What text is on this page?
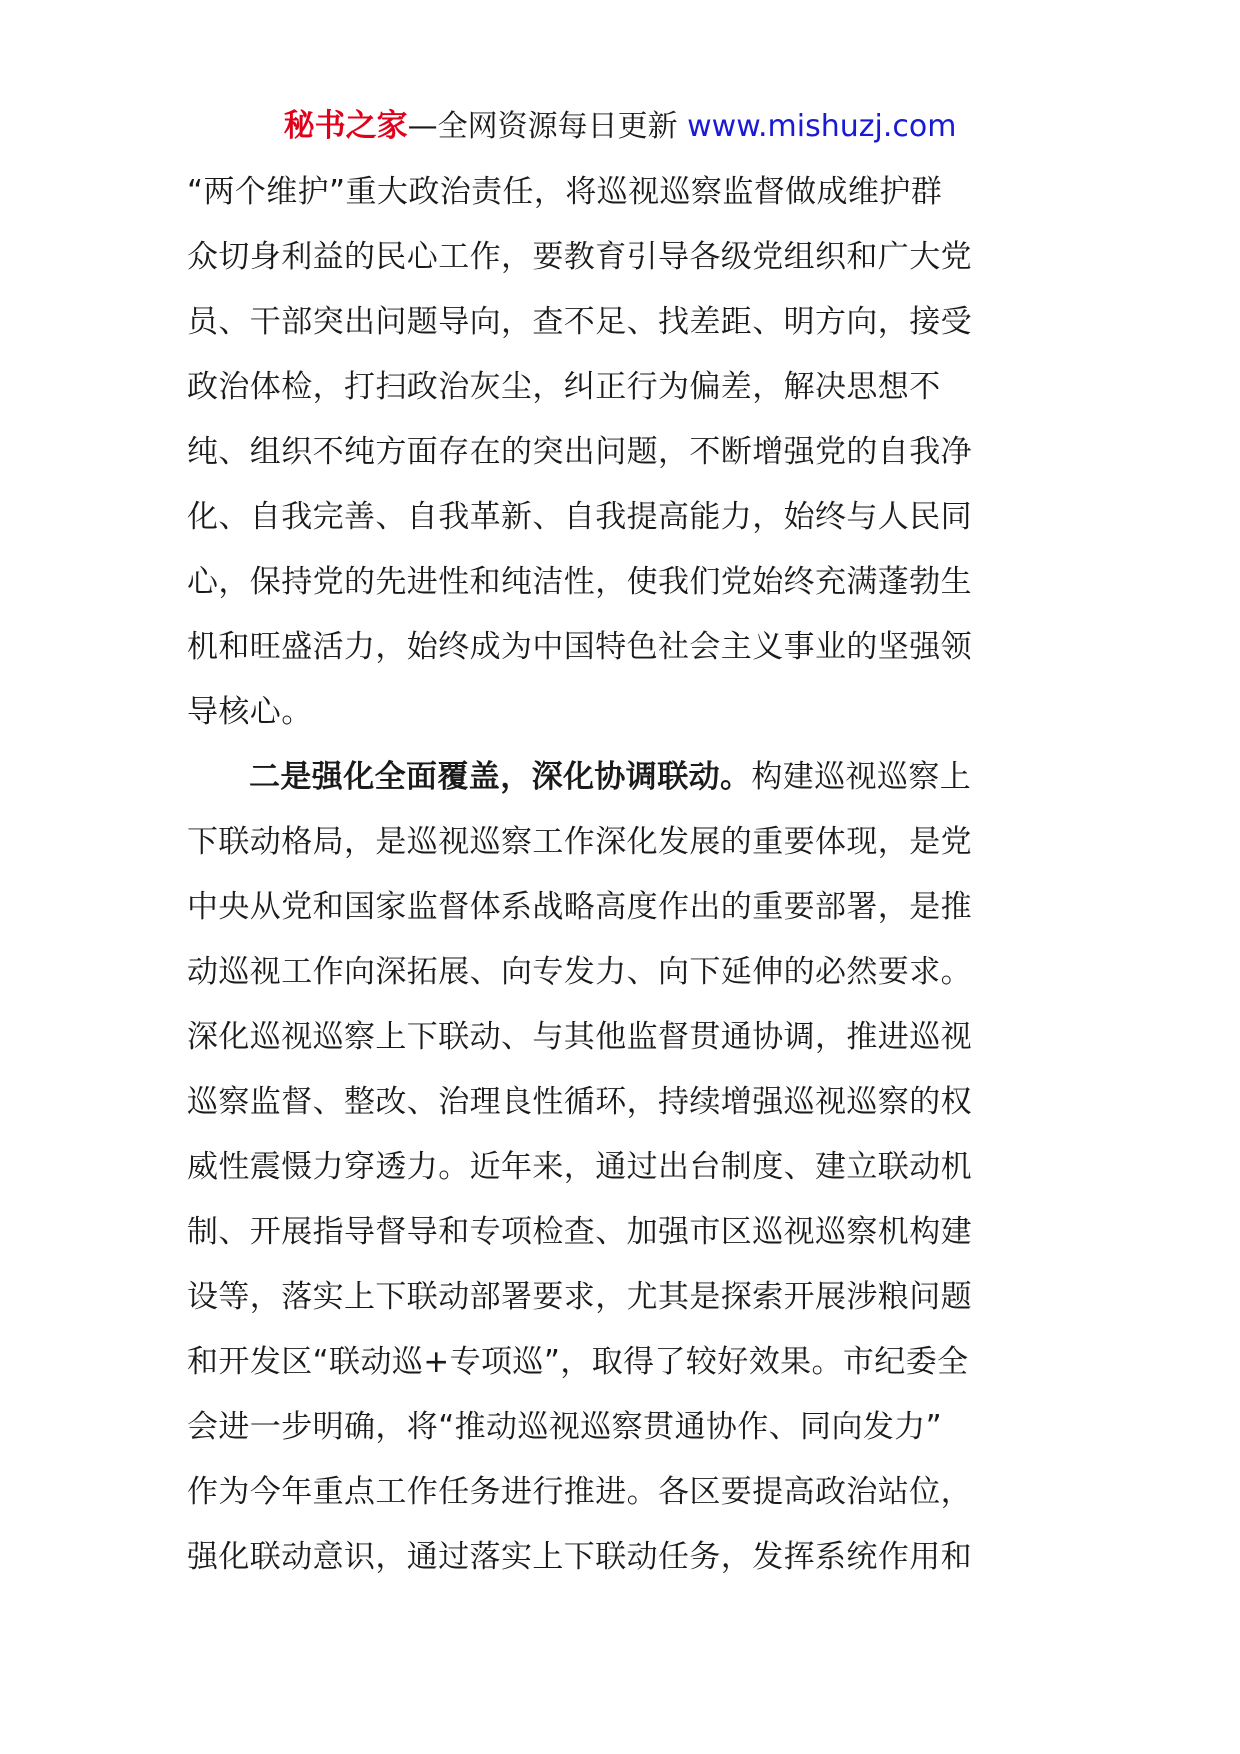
秘书之家—全网资源每日更新 www.mishuzj.com
“两个维护”重大政治责任，将巡视巡察监督做成维护群
众切身利益的民心工作，要教育引导各级党组织和广大党
员、干部突出问题导向，查不足、找差距、明方向，接受
政治体检，打扫政治灰尘，纠正行为偏差，解决思想不
纯、组织不纯方面存在的突出问题，不断增强党的自我净
化、自我完善、自我革新、自我提高能力，始终与人民同
心，保持党的先进性和纯洁性，使我们党始终充满蓬勃生
机和旺盛活力，始终成为中国特色社会主义事业的坚强领
导核心。
二是强化全面覆盖，深化协调联动。构建巡视巡察上
下联动格局，是巡视巡察工作深化发展的重要体现，是党
中央从党和国家监督体系战略高度作出的重要部署，是推
动巡视工作向深拓展、向专发力、向下延伸的必然要求。
深化巡视巡察上下联动、与其他监督贯通协调，推进巡视
巡察监督、整改、治理良性循环，持续增强巡视巡察的权
威性震慑力穿透力。近年来，通过出台制度、建立联动机
制、开展指导督导和专项检查、加强市区巡视巡察机构建
设等，落实上下联动部署要求，尤其是探索开展涉粮问题
和开发区“联动巡+专项巡”，取得了较好效果。市纪委全
会进一步明确，将“推动巡视巡察贯通协作、同向发力”
作为今年重点工作任务进行推进。各区要提高政治站位，
强化联动意识，通过落实上下联动任务，发挥系统作用和
